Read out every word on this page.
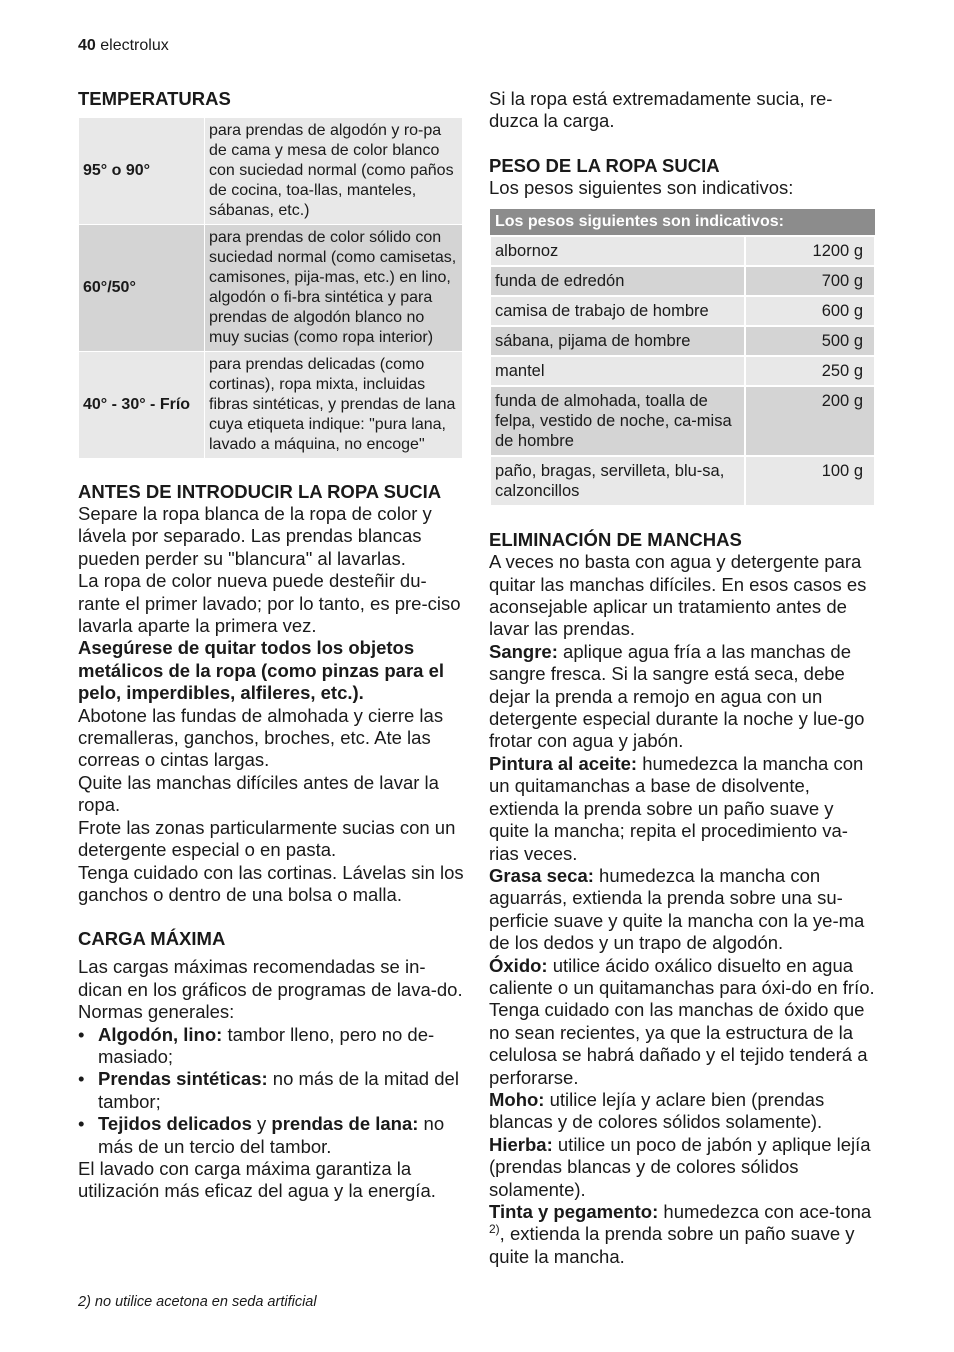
40 electrolux
TEMPERATURAS
95° o 90°	para prendas de algodón y ro-pa de cama y mesa de color blanco con suciedad normal (como paños de cocina, toa-llas, manteles, sábanas, etc.)
60°/50°	para prendas de color sólido con suciedad normal (como camisetas, camisones, pija-mas, etc.) en lino, algodón o fi-bra sintética y para prendas de algodón blanco no muy sucias (como ropa interior)
40° - 30° - Frío	para prendas delicadas (como cortinas), ropa mixta, incluidas fibras sintéticas, y prendas de lana cuya etiqueta indique: "pura lana, lavado a máquina, no encoge"
ANTES DE INTRODUCIR LA ROPA SUCIA

Separe la ropa blanca de la ropa de color y lávela por separado. Las prendas blancas pueden perder su "blancura" al lavarlas.

La ropa de color nueva puede desteñir du-rante el primer lavado; por lo tanto, es pre-ciso lavarla aparte la primera vez.

Asegúrese de quitar todos los objetos metálicos de la ropa (como pinzas para el pelo, imperdibles, alfileres, etc.).

Abotone las fundas de almohada y cierre las cremalleras, ganchos, broches, etc. Ate las correas o cintas largas.

Quite las manchas difíciles antes de lavar la ropa.

Frote las zonas particularmente sucias con un detergente especial o en pasta.

Tenga cuidado con las cortinas. Lávelas sin los ganchos o dentro de una bolsa o malla.

CARGA MÁXIMA

Las cargas máximas recomendadas se in-dican en los gráficos de programas de lava-do.

Normas generales:

• Algodón, lino: tambor lleno, pero no de-masiado;
• Prendas sintéticas: no más de la mitad del tambor;
• Tejidos delicados y prendas de lana: no más de un tercio del tambor.

El lavado con carga máxima garantiza la utilización más eficaz del agua y la energía.

2) no utilice acetona en seda artificial

Si la ropa está extremadamente sucia, re-duzca la carga.

PESO DE LA ROPA SUCIA

Los pesos siguientes son indicativos:

Los pesos siguientes son indicativos:	
albornoz	1200 g
funda de edredón	700 g
camisa de trabajo de hombre	600 g
sábana, pijama de hombre	500 g
mantel	250 g
funda de almohada, toalla de felpa, vestido de noche, ca-misa de hombre	200 g
paño, bragas, servilleta, blu-sa, calzoncillos	100 g
ELIMINACIÓN DE MANCHAS

A veces no basta con agua y detergente para quitar las manchas difíciles. En esos casos es aconsejable aplicar un tratamiento antes de lavar las prendas.

Sangre: aplique agua fría a las manchas de sangre fresca. Si la sangre está seca, debe dejar la prenda a remojo en agua con un detergente especial durante la noche y lue-go frotar con agua y jabón.

Pintura al aceite: humedezca la mancha con un quitamanchas a base de disolvente, extienda la prenda sobre un paño suave y quite la mancha; repita el procedimiento va-rias veces.

Grasa seca: humedezca la mancha con aguarrás, extienda la prenda sobre una su-perficie suave y quite la mancha con la ye-ma de los dedos y un trapo de algodón.

Óxido: utilice ácido oxálico disuelto en agua caliente o un quitamanchas para óxi-do en frío. Tenga cuidado con las manchas de óxido que no sean recientes, ya que la estructura de la celulosa se habrá dañado y el tejido tenderá a perforarse.

Moho: utilice lejía y aclare bien (prendas blancas y de colores sólidos solamente).

Hierba: utilice un poco de jabón y aplique lejía (prendas blancas y de colores sólidos solamente).

Tinta y pegamento: humedezca con ace-tona $^{2)}$, extienda la prenda sobre un paño suave y quite la mancha.
